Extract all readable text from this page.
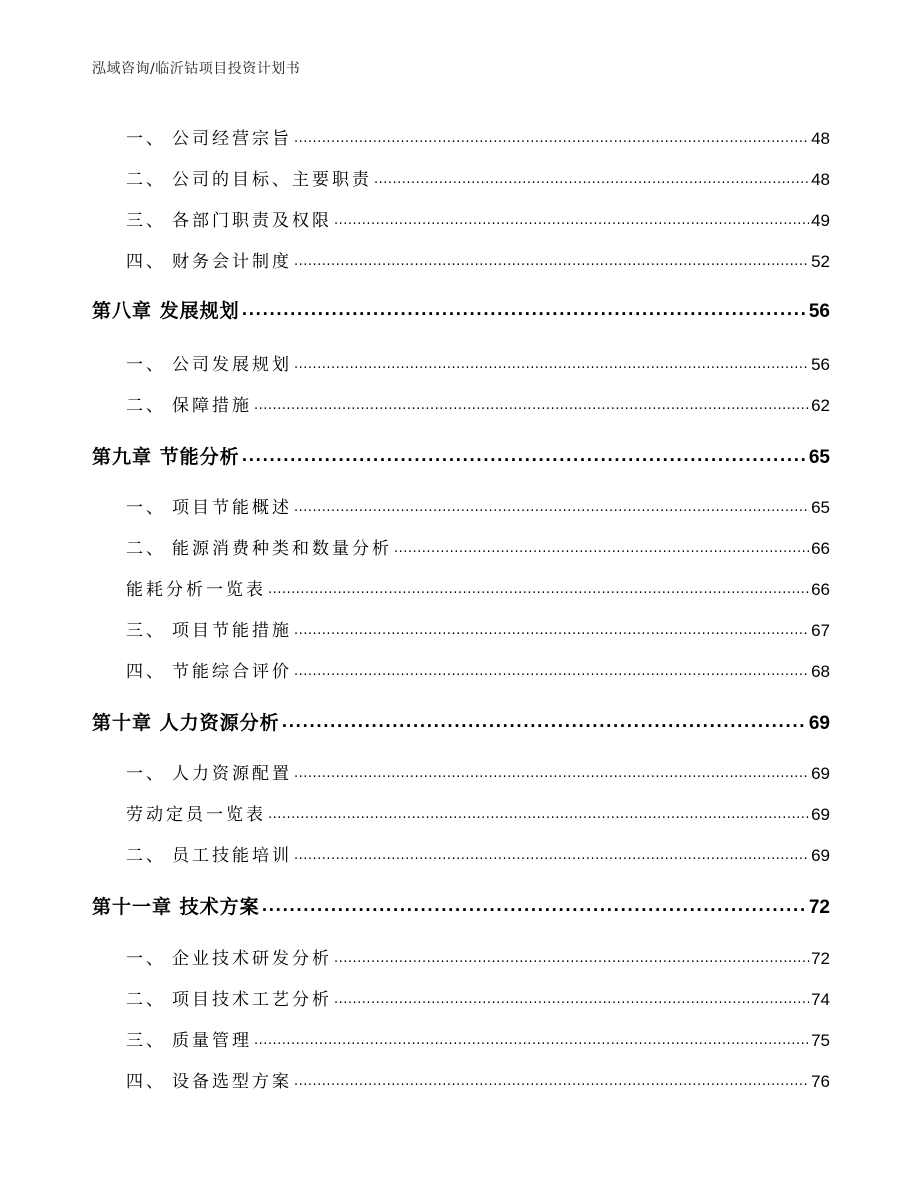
泓域咨询/临沂钴项目投资计划书
一、 公司经营宗旨 .....	48
二、 公司的目标、主要职责 .....	48
三、 各部门职责及权限 .....	49
四、 财务会计制度 .....	52
第八章 发展规划 .....	56
一、 公司发展规划 .....	56
二、 保障措施 .....	62
第九章 节能分析 .....	65
一、 项目节能概述 .....	65
二、 能源消费种类和数量分析 .....	66
能耗分析一览表 .....	66
三、 项目节能措施 .....	67
四、 节能综合评价 .....	68
第十章 人力资源分析 .....	69
一、 人力资源配置 .....	69
劳动定员一览表 .....	69
二、 员工技能培训 .....	69
第十一章 技术方案 .....	72
一、 企业技术研发分析 .....	72
二、 项目技术工艺分析 .....	74
三、 质量管理 .....	75
四、 设备选型方案 .....	76
